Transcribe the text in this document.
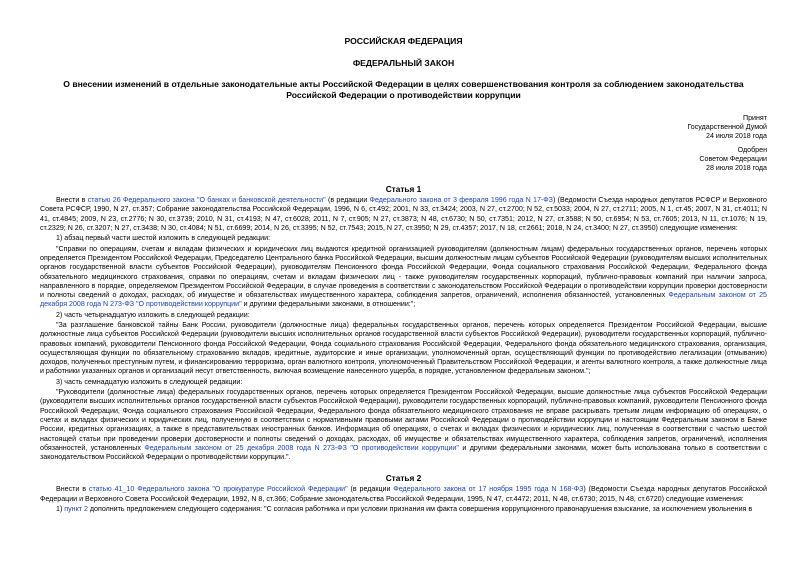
РОССИЙСКАЯ ФЕДЕРАЦИЯ
ФЕДЕРАЛЬНЫЙ ЗАКОН
О внесении изменений в отдельные законодательные акты Российской Федерации в целях совершенствования контроля за соблюдением законодательства Российской Федерации о противодействии коррупции
Принят
Государственной Думой
24 июля 2018 года
Одобрен
Советом Федерации
28 июля 2018 года
Статья 1

Внести в статью 26 Федерального закона "О банках и банковской деятельности" (в редакции Федерального закона от 3 февраля 1996 года N 17-ФЗ) (Ведомости Съезда народных депутатов РСФСР и Верховного Совета РСФСР, 1990, N 27, ст.357; Собрание законодательства Российской Федерации, 1996, N 6, ст.492; 2001, N 33, ст.3424; 2003, N 27, ст.2700; N 52, ст.5033; 2004, N 27, ст.2711; 2005, N 1, ст.45; 2007, N 31, ст.4011; N 41, ст.4845; 2009, N 23, ст.2776; N 30, ст.3739; 2010, N 31, ст.4193; N 47, ст.6028; 2011, N 7, ст.905; N 27, ст.3873; N 48, ст.6730; N 50, ст.7351; 2012, N 27, ст.3588; N 50, ст.6954; N 53, ст.7605; 2013, N 11, ст.1076; N 19, ст.2329; N 26, ст.3207; N 27, ст.3438; N 30, ст.4084; N 51, ст.6699; 2014, N 26, ст.3395; N 52, ст.7543; 2015, N 27, ст.3950; N 29, ст.4357; 2017, N 18, ст.2661; 2018, N 24, ст.3400; N 27, ст.3950) следующие изменения:

1) абзац первый части шестой изложить в следующей редакции:

"Справки по операциям, счетам и вкладам физических и юридических лиц выдаются кредитной организацией руководителям (должностным лицам) федеральных государственных органов, перечень которых определяется Президентом Российской Федерации, Председателю Центрального банка Российской Федерации, высшим должностным лицам субъектов Российской Федерации (руководителям высших исполнительных органов государственной власти субъектов Российской Федерации), руководителям Пенсионного фонда Российской Федерации, Фонда социального страхования Российской Федерации, Федерального фонда обязательного медицинского страхования, справки по операциям, счетам и вкладам физических лиц - также руководителям государственных корпораций, публично-правовых компаний при наличии запроса, направленного в порядке, определяемом Президентом Российской Федерации, в случае проведения в соответствии с законодательством Российской Федерации о противодействии коррупции проверки достоверности и полноты сведений о доходах, расходах, об имуществе и обязательствах имущественного характера, соблюдения запретов, ограничений, исполнения обязанностей, установленных Федеральным законом от 25 декабря 2008 года N 273-ФЗ "О противодействии коррупции" и другими федеральными законами, в отношении:";

2) часть четырнадцатую изложить в следующей редакции:

"За разглашение банковской тайны Банк России, руководители (должностные лица) федеральных государственных органов, перечень которых определяется Президентом Российской Федерации, высшие должностные лица субъектов Российской Федерации (руководители высших исполнительных органов государственной власти субъектов Российской Федерации), руководители государственных корпораций, публично-правовых компаний, руководители Пенсионного фонда Российской Федерации, Фонда социального страхования Российской Федерации, Федерального фонда обязательного медицинского страхования, организация, осуществляющая функции по обязательному страхованию вкладов, кредитные, аудиторские и иные организации, уполномоченный орган, осуществляющий функции по противодействию легализации (отмыванию) доходов, полученных преступным путем, и финансированию терроризма, орган валютного контроля, уполномоченный Правительством Российской Федерации, и агенты валютного контроля, а также должностные лица и работники указанных органов и организаций несут ответственность, включая возмещение нанесенного ущерба, в порядке, установленном федеральным законом.";

3) часть семнадцатую изложить в следующей редакции:

"Руководители (должностные лица) федеральных государственных органов, перечень которых определяется Президентом Российской Федерации, высшие должностные лица субъектов Российской Федерации (руководители высших исполнительных органов государственной власти субъектов Российской Федерации), руководители государственных корпораций, публично-правовых компаний, руководители Пенсионного фонда Российской Федерации, Фонда социального страхования Российской Федерации, Федерального фонда обязательного медицинского страхования не вправе раскрывать третьим лицам информацию об операциях, о счетах и вкладах физических и юридических лиц, полученную в соответствии с нормативными правовыми актами Российской Федерации о противодействии коррупции и настоящим Федеральным законом в Банке России, кредитных организациях, а также в представительствах иностранных банков. Информация об операциях, о счетах и вкладах физических и юридических лиц, полученная в соответствии с частью шестой настоящей статьи при проведении проверки достоверности и полноты сведений о доходах, расходах, об имуществе и обязательствах имущественного характера, соблюдения запретов, ограничений, исполнения обязанностей, установленных Федеральным законом от 25 декабря 2008 года N 273-ФЗ "О противодействии коррупции" и другими федеральными законами, может быть использована только в соответствии с законодательством Российской Федерации о противодействии коррупции.".

Статья 2

Внести в статью 41_10 Федерального закона "О прокуратуре Российской Федерации" (в редакции Федерального закона от 17 ноября 1995 года N 168-ФЗ) (Ведомости Съезда народных депутатов Российской Федерации и Верховного Совета Российской Федерации, 1992, N 8, ст.366; Собрание законодательства Российской Федерации, 1995, N 47, ст.4472; 2011, N 48, ст.6730; 2015, N 48, ст.6720) следующие изменения:

1) пункт 2 дополнить предложением следующего содержания: "С согласия работника и при условии признания им факта совершения коррупционного правонарушения взыскание, за исключением увольнения в
